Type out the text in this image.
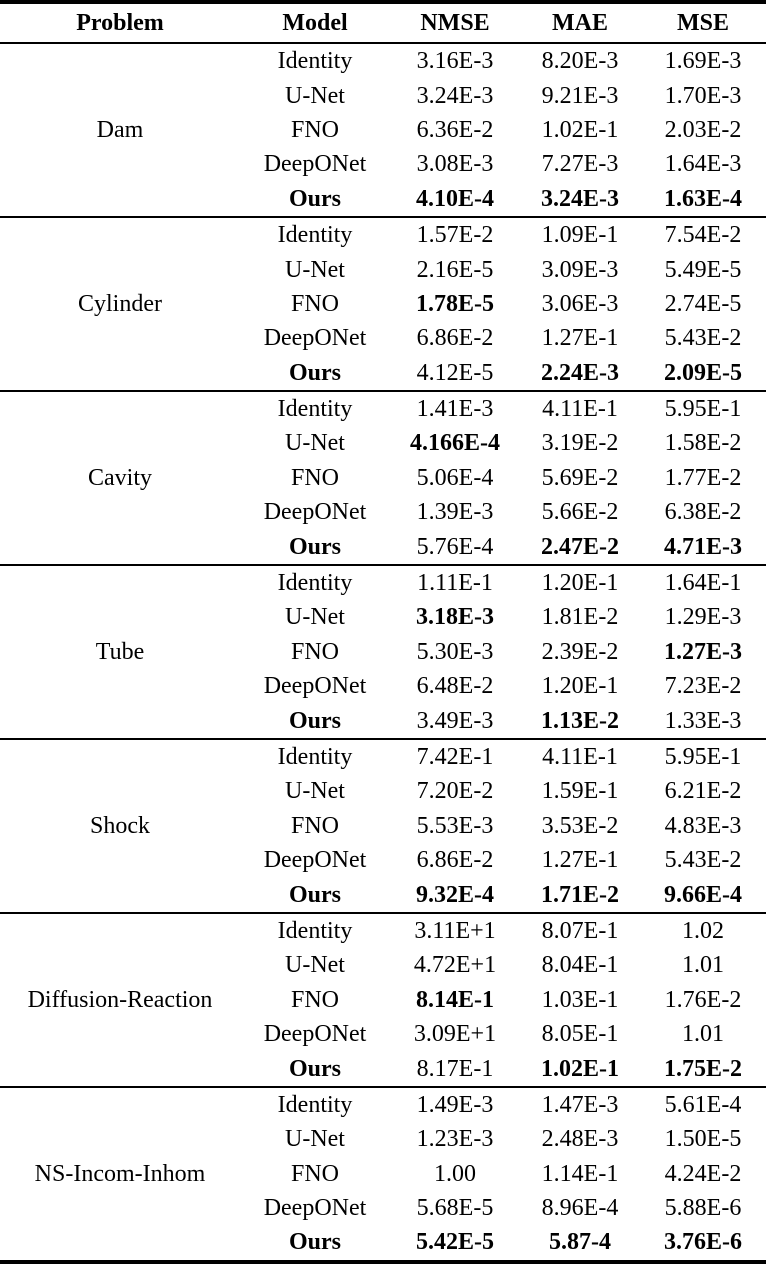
Problem	Model	NMSE	MAE	MSE
Dam	Identity	3.16E-3	8.20E-3	1.69E-3
	U-Net	3.24E-3	9.21E-3	1.70E-3
	FNO	6.36E-2	1.02E-1	2.03E-2
	DeepONet	3.08E-3	7.27E-3	1.64E-3
	Ours	4.10E-4	3.24E-3	1.63E-4
Cylinder	Identity	1.57E-2	1.09E-1	7.54E-2
	U-Net	2.16E-5	3.09E-3	5.49E-5
	FNO	1.78E-5	3.06E-3	2.74E-5
	DeepONet	6.86E-2	1.27E-1	5.43E-2
	Ours	4.12E-5	2.24E-3	2.09E-5
Cavity	Identity	1.41E-3	4.11E-1	5.95E-1
	U-Net	4.166E-4	3.19E-2	1.58E-2
	FNO	5.06E-4	5.69E-2	1.77E-2
	DeepONet	1.39E-3	5.66E-2	6.38E-2
	Ours	5.76E-4	2.47E-2	4.71E-3
Tube	Identity	1.11E-1	1.20E-1	1.64E-1
	U-Net	3.18E-3	1.81E-2	1.29E-3
	FNO	5.30E-3	2.39E-2	1.27E-3
	DeepONet	6.48E-2	1.20E-1	7.23E-2
	Ours	3.49E-3	1.13E-2	1.33E-3
Shock	Identity	7.42E-1	4.11E-1	5.95E-1
	U-Net	7.20E-2	1.59E-1	6.21E-2
	FNO	5.53E-3	3.53E-2	4.83E-3
	DeepONet	6.86E-2	1.27E-1	5.43E-2
	Ours	9.32E-4	1.71E-2	9.66E-4
Diffusion-Reaction	Identity	3.11E+1	8.07E-1	1.02
	U-Net	4.72E+1	8.04E-1	1.01
	FNO	8.14E-1	1.03E-1	1.76E-2
	DeepONet	3.09E+1	8.05E-1	1.01
	Ours	8.17E-1	1.02E-1	1.75E-2
NS-Incom-Inhom	Identity	1.49E-3	1.47E-3	5.61E-4
	U-Net	1.23E-3	2.48E-3	1.50E-5
	FNO	1.00	1.14E-1	4.24E-2
	DeepONet	5.68E-5	8.96E-4	5.88E-6
	Ours	5.42E-5	5.87-4	3.76E-6
